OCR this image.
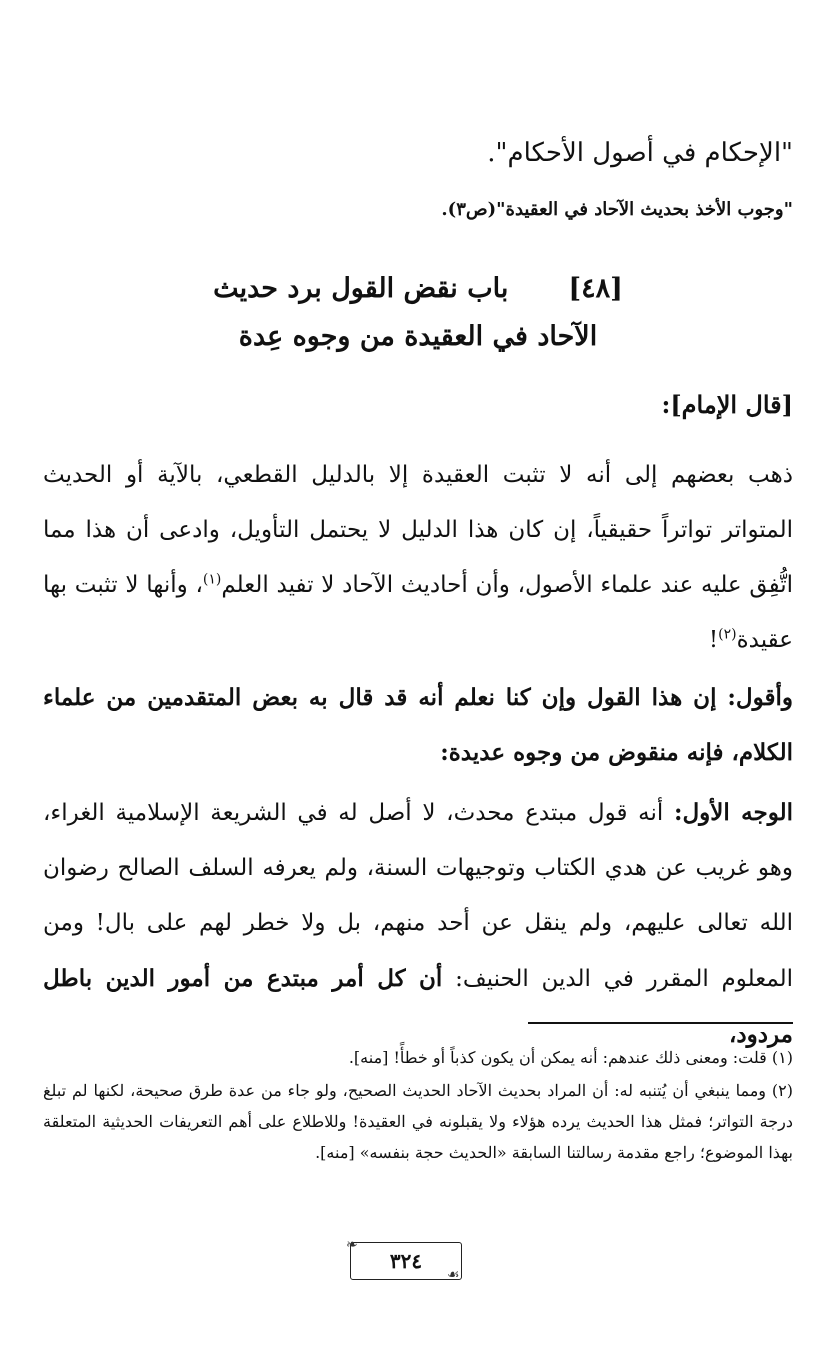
"الإحكام في أصول الأحكام".
"وجوب الأخذ بحديث الآحاد في العقيدة"(ص٣).
[٤٨]باب نقض القول برد حديث
الآحاد في العقيدة من وجوه عِدة
[قال الإمام]:
ذهب بعضهم إلى أنه لا تثبت العقيدة إلا بالدليل القطعي، بالآية أو الحديث المتواتر تواتراً حقيقياً، إن كان هذا الدليل لا يحتمل التأويل، وادعى أن هذا مما اتُّفِق عليه عند علماء الأصول، وأن أحاديث الآحاد لا تفيد العلم$^{(١)}$، وأنها لا تثبت بها عقيدة$^{(٢)}$!
وأقول: إن هذا القول وإن كنا نعلم أنه قد قال به بعض المتقدمين من علماء الكلام، فإنه منقوض من وجوه عديدة:
الوجه الأول: أنه قول مبتدع محدث، لا أصل له في الشريعة الإسلامية الغراء، وهو غريب عن هدي الكتاب وتوجيهات السنة، ولم يعرفه السلف الصالح رضوان الله تعالى عليهم، ولم ينقل عن أحد منهم، بل ولا خطر لهم على بال! ومن المعلوم المقرر في الدين الحنيف: أن كل أمر مبتدع من أمور الدين باطل مردود،

(١) قلت: ومعنى ذلك عندهم: أنه يمكن أن يكون كذباً أو خطأً! [منه].

(٢) ومما ينبغي أن يُتنبه له: أن المراد بحديث الآحاد الحديث الصحيح، ولو جاء من عدة طرق صحيحة، لكنها لم تبلغ درجة التواتر؛ فمثل هذا الحديث يرده هؤلاء ولا يقبلونه في العقيدة! وللاطلاع على أهم التعريفات الحديثية المتعلقة بهذا الموضوع؛ راجع مقدمة رسالتنا السابقة «الحديث حجة بنفسه» [منه].

٣٢٤
❧
☙
